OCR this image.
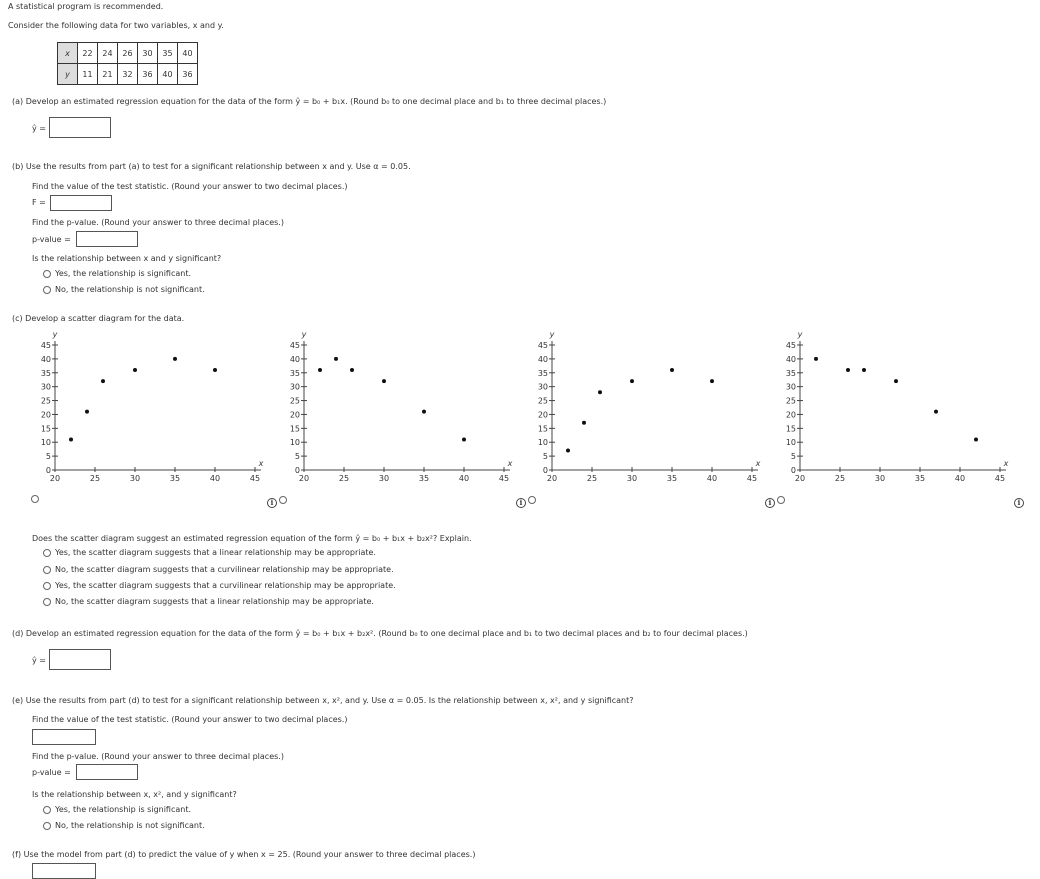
A statistical program is recommended.
Consider the following data for two variables, x and y.
x	22	24	26	30	35	40
y	11	21	32	36	40	36
(a) Develop an estimated regression equation for the data of the form ŷ = b₀ + b₁x. (Round b₀ to one decimal place and b₁ to three decimal places.)
ŷ =
(b) Use the results from part (a) to test for a significant relationship between x and y. Use α = 0.05.
Find the value of the test statistic. (Round your answer to two decimal places.)
F =
Find the p-value. (Round your answer to three decimal places.)
p-value =
Is the relationship between x and y significant?
Yes, the relationship is significant.
No, the relationship is not significant.
(c) Develop a scatter diagram for the data.
0
5
10
15
20
25
30
35
40
45
20	25	30	35	40	45
x
y
0
5
10
15
20
25
30
35
40
45
20	25	30	35	40	45
x
y
0
5
10
15
20
25
30
35
40
45
20	25	30	35	40	45
x
y
0
5
10
15
20
25
30
35
40
45
20	25	30	35	40	45
x
y
i	i	i	i
Does the scatter diagram suggest an estimated regression equation of the form ŷ = b₀ + b₁x + b₂x²? Explain.
Yes, the scatter diagram suggests that a linear relationship may be appropriate.
No, the scatter diagram suggests that a curvilinear relationship may be appropriate.
Yes, the scatter diagram suggests that a curvilinear relationship may be appropriate.
No, the scatter diagram suggests that a linear relationship may be appropriate.
(d) Develop an estimated regression equation for the data of the form ŷ = b₀ + b₁x + b₂x². (Round b₀ to one decimal place and b₁ to two decimal places and b₂ to four decimal places.)
ŷ =
(e) Use the results from part (d) to test for a significant relationship between x, x², and y. Use α = 0.05. Is the relationship between x, x², and y significant?
Find the value of the test statistic. (Round your answer to two decimal places.)
Find the p-value. (Round your answer to three decimal places.)
p-value =
Is the relationship between x, x², and y significant?
Yes, the relationship is significant.
No, the relationship is not significant.
(f) Use the model from part (d) to predict the value of y when x = 25. (Round your answer to three decimal places.)
